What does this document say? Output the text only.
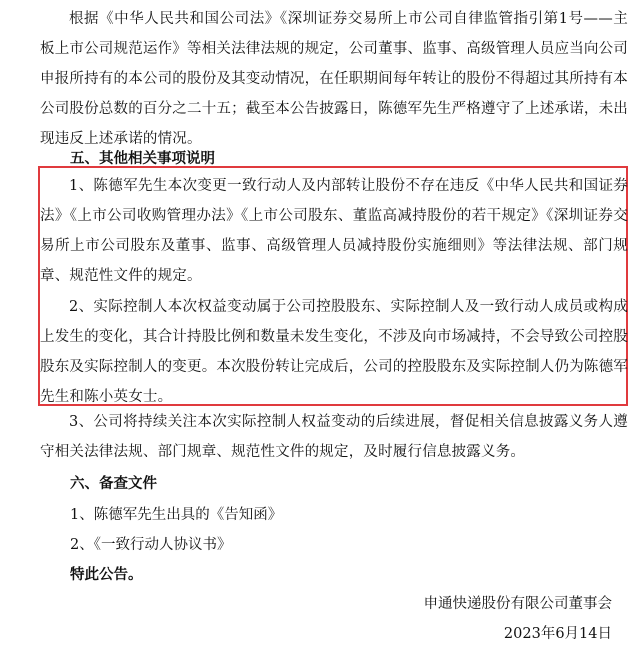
根据《中华人民共和国公司法》《深圳证券交易所上市公司自律监管指引第1号——主板上市公司规范运作》等相关法律法规的规定，公司董事、监事、高级管理人员应当向公司申报所持有的本公司的股份及其变动情况，在任职期间每年转让的股份不得超过其所持有本公司股份总数的百分之二十五；截至本公告披露日，陈德军先生严格遵守了上述承诺，未出现违反上述承诺的情况。

五、其他相关事项说明

1、陈德军先生本次变更一致行动人及内部转让股份不存在违反《中华人民共和国证券法》《上市公司收购管理办法》《上市公司股东、董监高减持股份的若干规定》《深圳证券交易所上市公司股东及董事、监事、高级管理人员减持股份实施细则》等法律法规、部门规章、规范性文件的规定。

2、实际控制人本次权益变动属于公司控股股东、实际控制人及一致行动人成员或构成上发生的变化，其合计持股比例和数量未发生变化，不涉及向市场减持，不会导致公司控股股东及实际控制人的变更。本次股份转让完成后，公司的控股股东及实际控制人仍为陈德军先生和陈小英女士。

3、公司将持续关注本次实际控制人权益变动的后续进展，督促相关信息披露义务人遵守相关法律法规、部门规章、规范性文件的规定，及时履行信息披露义务。

六、备查文件

1、陈德军先生出具的《告知函》

2、《一致行动人协议书》

特此公告。

申通快递股份有限公司董事会

2023年6月14日
